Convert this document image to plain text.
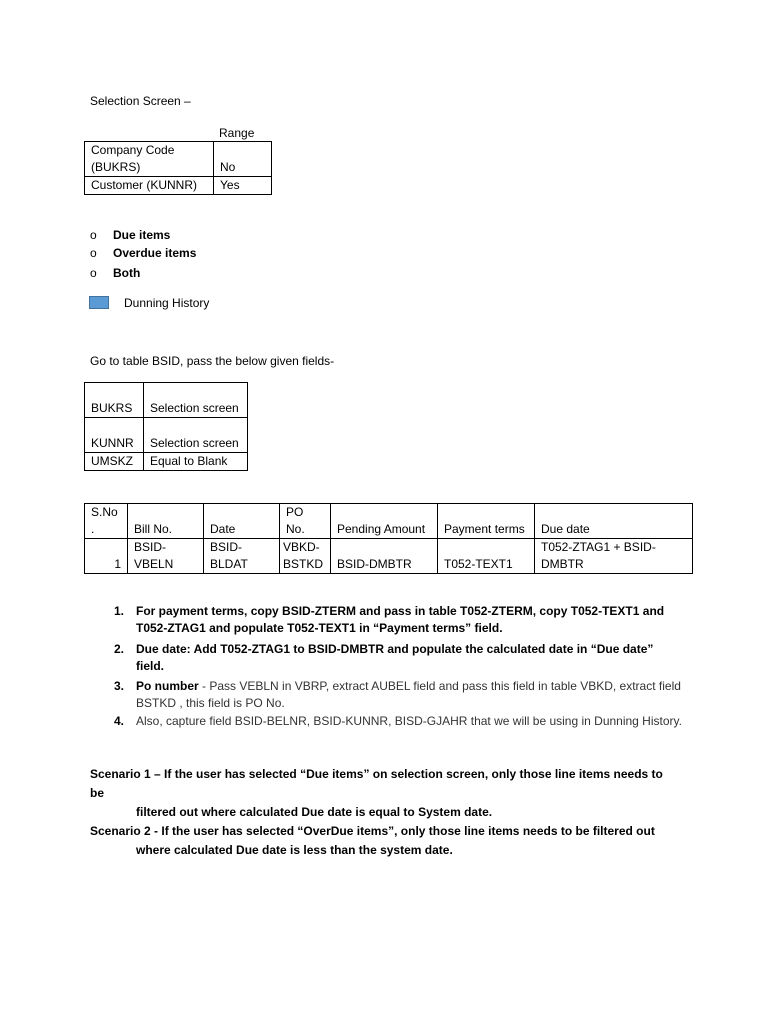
Selection Screen –
Range
Company Code (BUKRS)	No
Customer (KUNNR)	Yes
o Due items
o Overdue items
o Both
Dunning History
Go to table BSID, pass the below given fields-
BUKRS	Selection screen
KUNNR	Selection screen
UMSKZ	Equal to Blank
S.No .	Bill No.	Date	PO No.	Pending Amount	Payment terms	Due date
1	BSID-VBELN	BSID-BLDAT	VBKD-BSTKD	BSID-DMBTR	T052-TEXT1	T052-ZTAG1 + BSID-DMBTR
1. For payment terms, copy BSID-ZTERM and pass in table T052-ZTERM, copy T052-TEXT1 and T052-ZTAG1 and populate T052-TEXT1 in “Payment terms” field.
2. Due date: Add T052-ZTAG1 to BSID-DMBTR and populate the calculated date in “Due date” field.
3. Po number - Pass VEBLN in VBRP, extract AUBEL field and pass this field in table VBKD, extract field BSTKD , this field is PO No.
4. Also, capture field BSID-BELNR, BSID-KUNNR, BISD-GJAHR that we will be using in Dunning History.
Scenario 1 – If the user has selected “Due items” on selection screen, only those line items needs to be
filtered out where calculated Due date is equal to System date.
Scenario 2 - If the user has selected “OverDue items”, only those line items needs to be filtered out
where calculated Due date is less than the system date.
